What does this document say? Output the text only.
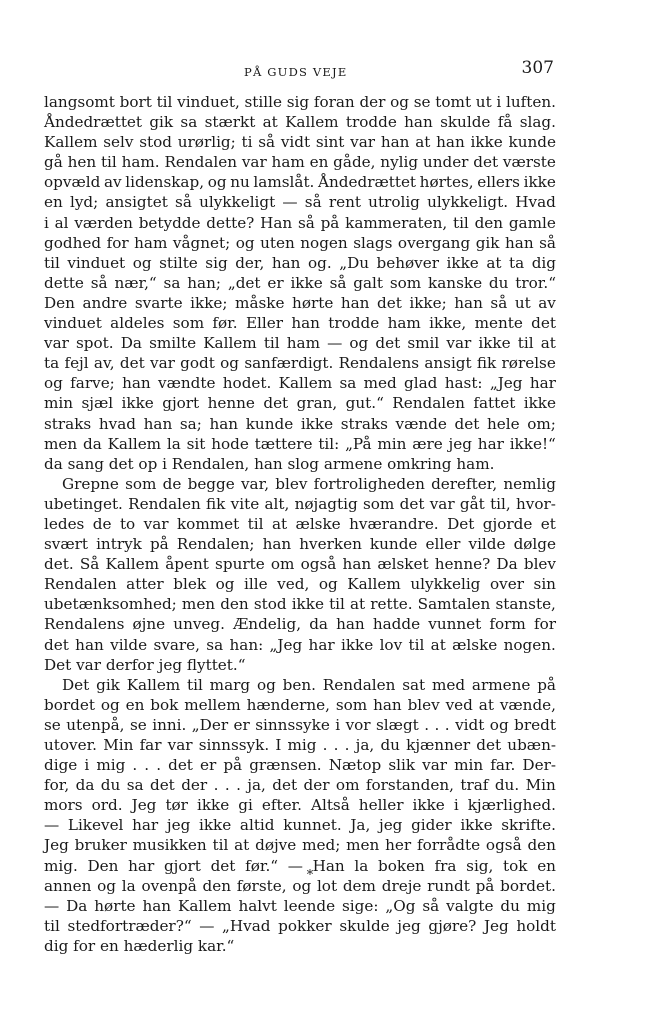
PÅ GUDS VEJE	307
langsomt bort til vinduet, stille sig foran der og se tomt ut i luften.
Åndedrættet gik sa stærkt at Kallem trodde han skulde få slag.
Kallem selv stod urørlig; ti så vidt sint var han at han ikke kunde
gå hen til ham. Rendalen var ham en gåde, nylig under det værste
opvæld av lidenskap, og nu lamslåt. Åndedrættet hørtes, ellers ikke
en lyd; ansigtet så ulykkeligt — så rent utrolig ulykkeligt. Hvad
i al værden betydde dette? Han så på kammeraten, til den gamle
godhed for ham vågnet; og uten nogen slags overgang gik han så
til vinduet og stilte sig der, han og. „Du behøver ikke at ta dig
dette så nær,“ sa han; „det er ikke så galt som kanske du tror.“
Den andre svarte ikke; måske hørte han det ikke; han så ut av
vinduet aldeles som før. Eller han trodde ham ikke, mente det
var spot. Da smilte Kallem til ham — og det smil var ikke til at
ta fejl av, det var godt og sanfærdigt. Rendalens ansigt fik rørelse
og farve; han vændte hodet. Kallem sa med glad hast: „Jeg har
min sjæl ikke gjort henne det gran, gut.“ Rendalen fattet ikke
straks hvad han sa; han kunde ikke straks vænde det hele om;
men da Kallem la sit hode tættere til: „På min ære jeg har ikke!“
da sang det op i Rendalen, han slog armene omkring ham.
Grepne som de begge var, blev fortroligheden derefter, nemlig
ubetinget. Rendalen fik vite alt, nøjagtig som det var gåt til, hvor-
ledes de to var kommet til at ælske hværandre. Det gjorde et
svært intryk på Rendalen; han hverken kunde eller vilde dølge
det. Så Kallem åpent spurte om også han ælsket henne? Da blev
Rendalen atter blek og ille ved, og Kallem ulykkelig over sin
ubetænksomhed; men den stod ikke til at rette. Samtalen stanste,
Rendalens øjne unveg. Ændelig, da han hadde vunnet form for
det han vilde svare, sa han: „Jeg har ikke lov til at ælske nogen.
Det var derfor jeg flyttet.“
Det gik Kallem til marg og ben. Rendalen sat med armene på
bordet og en bok mellem hænderne, som han blev ved at vænde,
se utenpå, se inni. „Der er sinnssyke i vor slægt . . . vidt og bredt
utover. Min far var sinnssyk. I mig . . . ja, du kjænner det ubæn-
dige i mig . . . det er på grænsen. Nætop slik var min far. Der-
for, da du sa det der . . . ja, det der om forstanden, traf du. Min
mors ord. Jeg tør ikke gi efter. Altså heller ikke i kjærlighed.
— Likevel har jeg ikke altid kunnet. Ja, jeg gider ikke skrifte.
Jeg bruker musikken til at døjve med; men her forrådte også den
mig. Den har gjort det før.“ — Han la boken fra sig, tok en
annen og la ovenpå den første, og lot dem dreje rundt på bordet.
— Da hørte han Kallem halvt leende sige: „Og så valgte du mig
til stedfortræder?“ — „Hvad pokker skulde jeg gjøre? Jeg holdt
dig for en hæderlig kar.“
*
